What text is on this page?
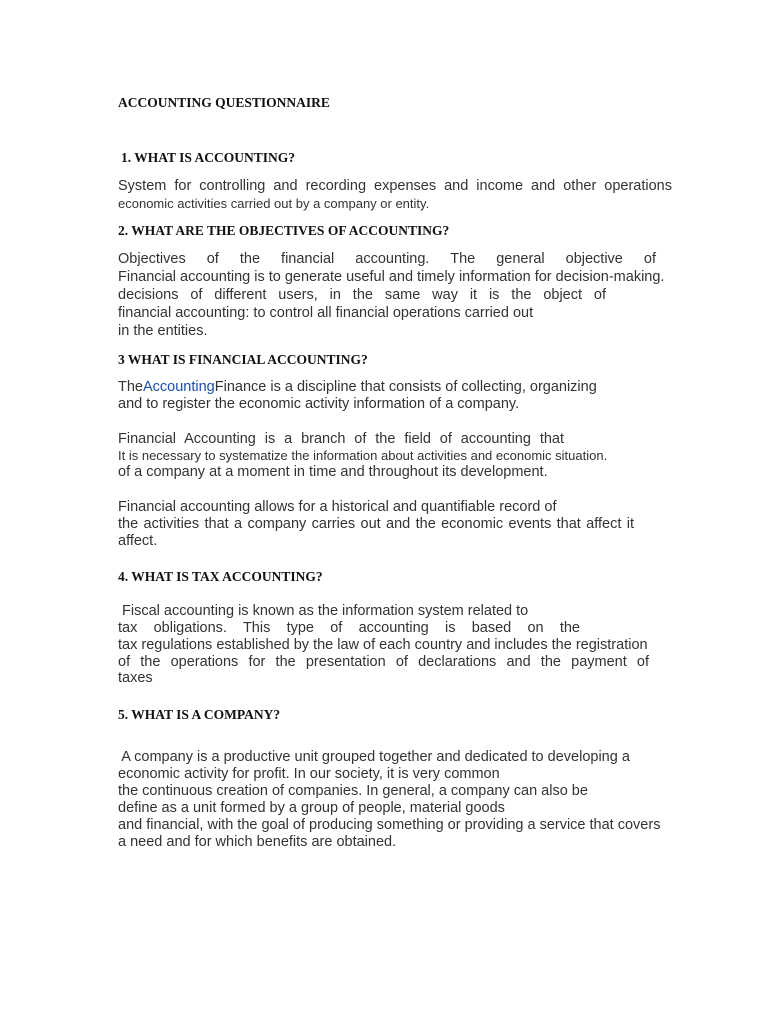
ACCOUNTING QUESTIONNAIRE
1. WHAT IS ACCOUNTING?
System for controlling and recording expenses and income and other operations
economic activities carried out by a company or entity.
2. WHAT ARE THE OBJECTIVES OF ACCOUNTING?
Objectives of the financial accounting. The general objective of
Financial accounting is to generate useful and timely information for decision-making.
decisions of different users, in the same way it is the object of
financial accounting: to control all financial operations carried out
in the entities.
3 WHAT IS FINANCIAL ACCOUNTING?
TheAccountingFinance is a discipline that consists of collecting, organizing
and to register the economic activity information of a company.
Financial Accounting is a branch of the field of accounting that
It is necessary to systematize the information about activities and economic situation.
of a company at a moment in time and throughout its development.
Financial accounting allows for a historical and quantifiable record of
the activities that a company carries out and the economic events that affect it
affect.
4. WHAT IS TAX ACCOUNTING?
Fiscal accounting is known as the information system related to
tax obligations. This type of accounting is based on the
tax regulations established by the law of each country and includes the registration
of the operations for the presentation of declarations and the payment of
taxes
5. WHAT IS A COMPANY?
A company is a productive unit grouped together and dedicated to developing a
economic activity for profit. In our society, it is very common
the continuous creation of companies. In general, a company can also be
define as a unit formed by a group of people, material goods
and financial, with the goal of producing something or providing a service that covers
a need and for which benefits are obtained.
